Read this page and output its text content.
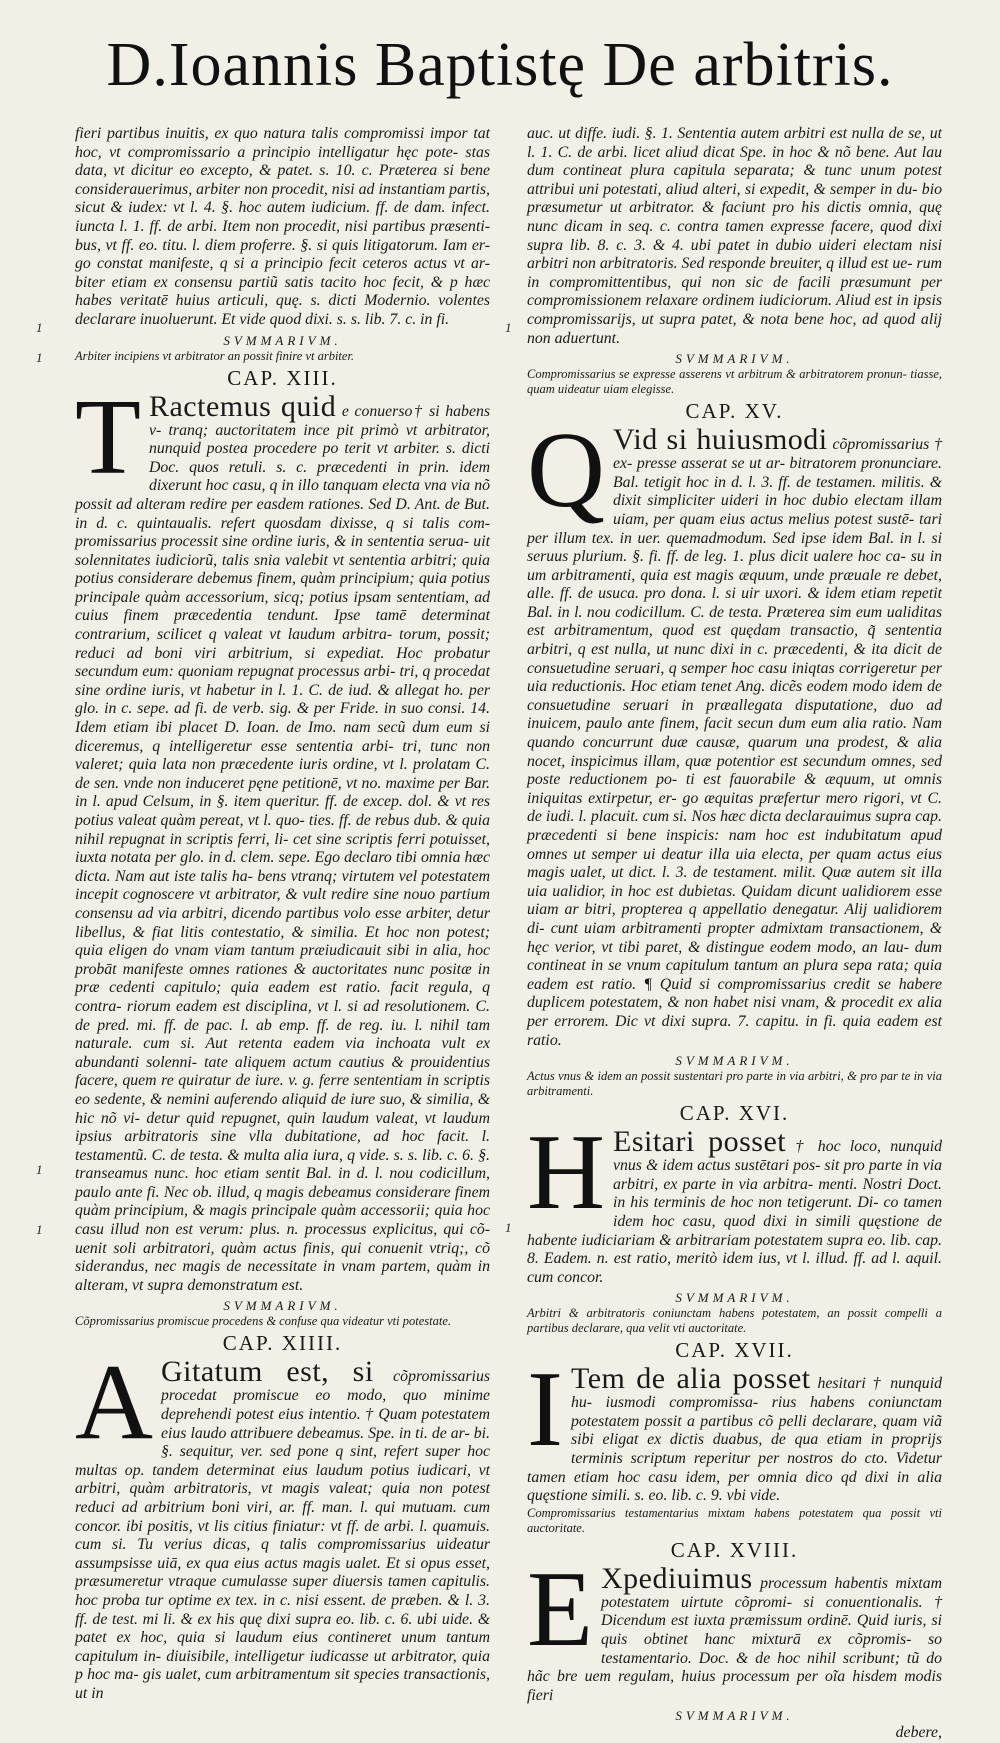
D.Ioannis Baptistę De arbitris.
1
1
1
1
1
1

fieri partibus inuitis, ex quo natura talis compromissi impor tat hoc, vt compromissario a principio intelligatur hęc pote- stas data, vt dicitur eo excepto, & patet. s. 10. c. Prætereа si bene considerauerimus, arbiter non procedit, nisi ad instantiam partis, sicut & iudex: vt l. 4. §. hoc autem iudicium. ff. de dam. infect. iuncta l. 1. ff. de arbi. Item non procedit, nisi partibus præsenti- bus, vt ff. eo. titu. l. diem proferre. §. si quis litigatorum. Iam er- go constat manifeste, q si a principio fecit ceteros actus vt ar- biter etiam ex consensu partiũ satis tacito hoc fecit, & p hæc habes veritatē huius articuli, quę. s. dicti Modernio. volentes declarare inuoluerunt. Et vide quod dixi. s. s. lib. 7. c. in fi.

SVMMARIVM.

Arbiter incipiens vt arbitrator an possit finire vt arbiter.

CAP. XIII.

T Ractemus quid e conuerso† si habens v- tranq; auctoritatem ince pit primò vt arbitrator, nunquid postea procedere po terit vt arbiter. s. dicti Doc. quos retuli. s. c. præcedenti in prin. idem dixerunt hoc casu, q in illo tanquam electa vna via nõ possit ad alteram redire per easdem rationes. Sed D. Ant. de But. in d. c. quintaualis. refert quosdam dixisse, q si talis com- promissarius processit sine ordine iuris, & in sententia serua- uit solennitates iudiciorũ, talis sniа valebit vt sententia arbitri; quia potius considerare debemus finem, quàm principium; quia potius principale quàm accessorium, sicq; potius ipsam sententiam, ad cuius finem præcedentia tendunt. Ipse tamē determinat contrarium, scilicet q valeat vt laudum arbitra- torum, possit; reduci ad boni viri arbitrium, si expediat. Hoc probatur secundum eum: quoniam repugnat processus arbi- tri, q procedat sine ordine iuris, vt habetur in l. 1. C. de iud. & allegat ho. per glo. in c. sepe. ad fi. de verb. sig. & per Fride. in suo consi. 14. Idem etiam ibi placet D. Ioan. de Imo. nam secũ dum eum si diceremus, q intelligeretur esse sententia arbi- tri, tunc non valeret; quia lata non præcedente iuris ordine, vt l. prolatam C. de sen. vnde non induceret pęne petitionē, vt no. maxime per Bar. in l. apud Celsum, in §. item queritur. ff. de excep. dol. & vt res potius valeat quàm pereat, vt l. quo- ties. ff. de rebus dub. & quia nihil repugnat in scriptis ferri, li- cet sine scriptis ferri potuisset, iuxta notata per glo. in d. clem. sepe. Ego declaro tibi omnia hæc dicta. Nam aut iste talis ha- bens vtranq; virtutem vel potestatem incepit cognoscere vt arbitrator, & vult redire sine nouo partium consensu ad via arbitri, dicendo partibus volo esse arbiter, detur libellus, & fiat litis contestatio, & similia. Et hoc non potest; quia eligen do vnam viam tantum præiudicauit sibi in alia, hoc probāt manifeste omnes rationes & auctoritates nunc positæ in præ cedenti capitulo; quia eadem est ratio. facit regula, q contra- riorum eadem est disciplina, vt l. si ad resolutionem. C. de pred. mi. ff. de pac. l. ab emp. ff. de reg. iu. l. nihil tam naturale. cum si. Aut retenta eadem via inchoata vult ex abundanti solenni- tate aliquem actum cautius & prouidentius facere, quem re quiratur de iure. v. g. ferre sententiam in scriptis eo sedente, & nemini auferendo aliquid de iure suo, & similia, & hic nõ vi- detur quid repugnet, quin laudum valeat, vt laudum ipsius arbitratoris sine vlla dubitatione, ad hoc facit. l. testamentũ. C. de testa. & multa alia iura, q vide. s. s. lib. c. 6. §. transeamus nunc. hoc etiam sentit Bal. in d. l. nou codicillum, paulo ante fi. Nec ob. illud, q magis debeamus considerare finem quàm principium, & magis principale quàm accessorii; quia hoc casu illud non est verum: plus. n. processus explicitus, qui cõ- uenit soli arbitratori, quàm actus finis, qui conuenit vtriq;, cõ siderandus, nec magis de necessitate in vnam partem, quàm in alteram, vt supra demonstratum est.

SVMMARIVM.

Cõpromissarius promiscue procedens & confuse qua videatur vti potestate.

CAP. XIIII.

A Gitatum est, si cõpromissarius procedat promiscue eo modo, quo minime deprehendi potest eius intentio. † Quam potestatem eius laudo attribuere debeamus. Spe. in ti. de ar- bi. §. sequitur, ver. sed pone q sint, refert super hoc multas op. tandem determinat eius laudum potius iudicari, vt arbitri, quàm arbitratoris, vt magis valeat; quia non potest reduci ad arbitrium boni viri, ar. ff. man. l. qui mutuam. cum concor. ibi positis, vt lis citius finiatur: vt ff. de arbi. l. quamuis. cum si. Tu verius dicas, q talis compromissarius uideatur assumpsisse uiā, ex qua eius actus magis ualet. Et si opus esset, præsumeretur vtraque cumulasse super diuersis tamen capitulis. hoc proba tur optime ex tex. in c. nisi essent. de præben. & l. 3. ff. de test. mi li. & ex his quę dixi supra eo. lib. c. 6. ubi uide. & patet ex hoc, quia si laudum eius contineret unum tantum capitulum in- diuisibile, intelligetur iudicasse ut arbitrator, quia p hoc ma- gis ualet, cum arbitramentum sit species transactionis, ut in

auc. ut diffe. iudi. §. 1. Sententia autem arbitri est nulla de se, ut l. 1. C. de arbi. licet aliud dicat Spe. in hoc & nõ bene. Aut lau dum contineat plura capitula separata; & tunc unum potest attribui uni potestati, aliud alteri, si expedit, & semper in du- bio præsumetur ut arbitrator. & faciunt pro his dictis omnia, quę nunc dicam in seq. c. contra tamen expresse facere, quod dixi supra lib. 8. c. 3. & 4. ubi patet in dubio uideri electam nisi arbitri non arbitratoris. Sed responde breuiter, q illud est ue- rum in compromittentibus, qui non sic de facili præsumunt per compromissionem relaxare ordinem iudiciorum. Aliud est in ipsis compromissarijs, ut supra patet, & nota bene hoc, ad quod alij non aduertunt.

SVMMARIVM.

Compromissarius se expresse asserens vt arbitrum & arbitratorem pronun- tiasse, quam uideatur uiam elegisse.

CAP. XV.

Q Vid si huiusmodi cõpromissarius † ex- presse asserat se ut ar- bitratorem pronunciare. Bal. tetigit hoc in d. l. 3. ff. de testamen. militis. & dixit simpliciter uideri in hoc dubio electam illam uiam, per quam eius actus melius potest sustē- tari per illum tex. in uer. quemadmodum. Sed ipse idem Bal. in l. si seruus plurium. §. fi. ff. de leg. 1. plus dicit ualere hoc ca- su in um arbitramenti, quia est magis æquum, unde præuale re debet, alle. ff. de usuca. pro dona. l. si uir uxori. & idem etiam repetit Bal. in l. nou codicillum. C. de testa. Præterea sim eum ualiditas est arbitramentum, quod est quędam transactio, q̃ sententia arbitri, q est nulla, ut nunc dixi in c. præcedenti, & ita dicit de consuetudine seruari, q semper hoc casu iniqtas corrigeretur per uia reductionis. Hoc etiam tenet Ang. dicẽs eodem modo idem de consuetudine seruari in præallegata disputatione, duo ad inuicem, paulo ante finem, facit secun dum eum alia ratio. Nam quando concurrunt duæ causæ, quarum una prodest, & alia nocet, inspicimus illam, quæ potentior est secundum omnes, sed poste reductionem po- ti est fauorabile & æquum, ut omnis iniquitas extirpetur, er- go æquitas præfertur mero rigori, vt C. de iudi. l. placuit. cum si. Nos hæc dicta declarauimus supra cap. præcedenti si bene inspicis: nam hoc est indubitatum apud omnes ut semper ui deatur illa uia electa, per quam actus eius magis ualet, ut dict. l. 3. de testament. milit. Quæ autem sit illa uia ualidior, in hoc est dubietas. Quidam dicunt ualidiorem esse uiam ar bitri, propterea q appellatio denegatur. Alij ualidiorem di- cunt uiam arbitramenti propter admixtam transactionem, & hęc verior, vt tibi paret, & distingue eodem modo, an lau- dum contineat in se vnum capitulum tantum an plura sepa rata; quia eadem est ratio. ¶ Quid si compromissarius credit se habere duplicem potestatem, & non habet nisi vnam, & procedit ex alia per errorem. Dic vt dixi supra. 7. capitu. in fi. quia eadem est ratio.

SVMMARIVM.

Actus vnus & idem an possit sustentari pro parte in via arbitri, & pro par te in via arbitramenti.

CAP. XVI.

H Esitari posset † hoc loco, nunquid vnus & idem actus sustētari pos- sit pro parte in via arbitri, ex parte in via arbitra- menti. Nostri Doct. in his terminis de hoc non tetigerunt. Di- co tamen idem hoc casu, quod dixi in simili quęstione de habente iudiciariam & arbitrariam potestatem supra eo. lib. cap. 8. Eadem. n. est ratio, meritò idem ius, vt l. illud. ff. ad l. aquil. cum concor.

SVMMARIVM.

Arbitri & arbitratoris coniunctam habens potestatem, an possit compelli a partibus declarare, qua velit vti auctoritate.

CAP. XVII.

I Tem de alia posset hesitari † nunquid hu- iusmodi compromissa- rius habens coniunctam potestatem possit a partibus cõ pelli declarare, quam viã sibi eligat ex dictis duabus, de qua etiam in proprijs terminis scriptum reperitur per nostros do cto. Videtur tamen etiam hoc casu idem, per omnia dico qd dixi in alia quęstione simili. s. eo. lib. c. 9. vbi vide.

Compromissarius testamentarius mixtam habens potestatem qua possit vti auctoritate.

CAP. XVIII.

E Xpediuimus processum habentis mixtam potestatem uirtute cõpromi- si conuentionalis. † Dicendum est iuxta præmissum ordinē. Quid iuris, si quis obtinet hanc mixturā ex cõpromis- so testamentario. Doc. & de hoc nihil scribunt; tũ do hãc bre uem regulam, huius processum per oĩa hisdem modis fieri

SVMMARIVM.

debere,
